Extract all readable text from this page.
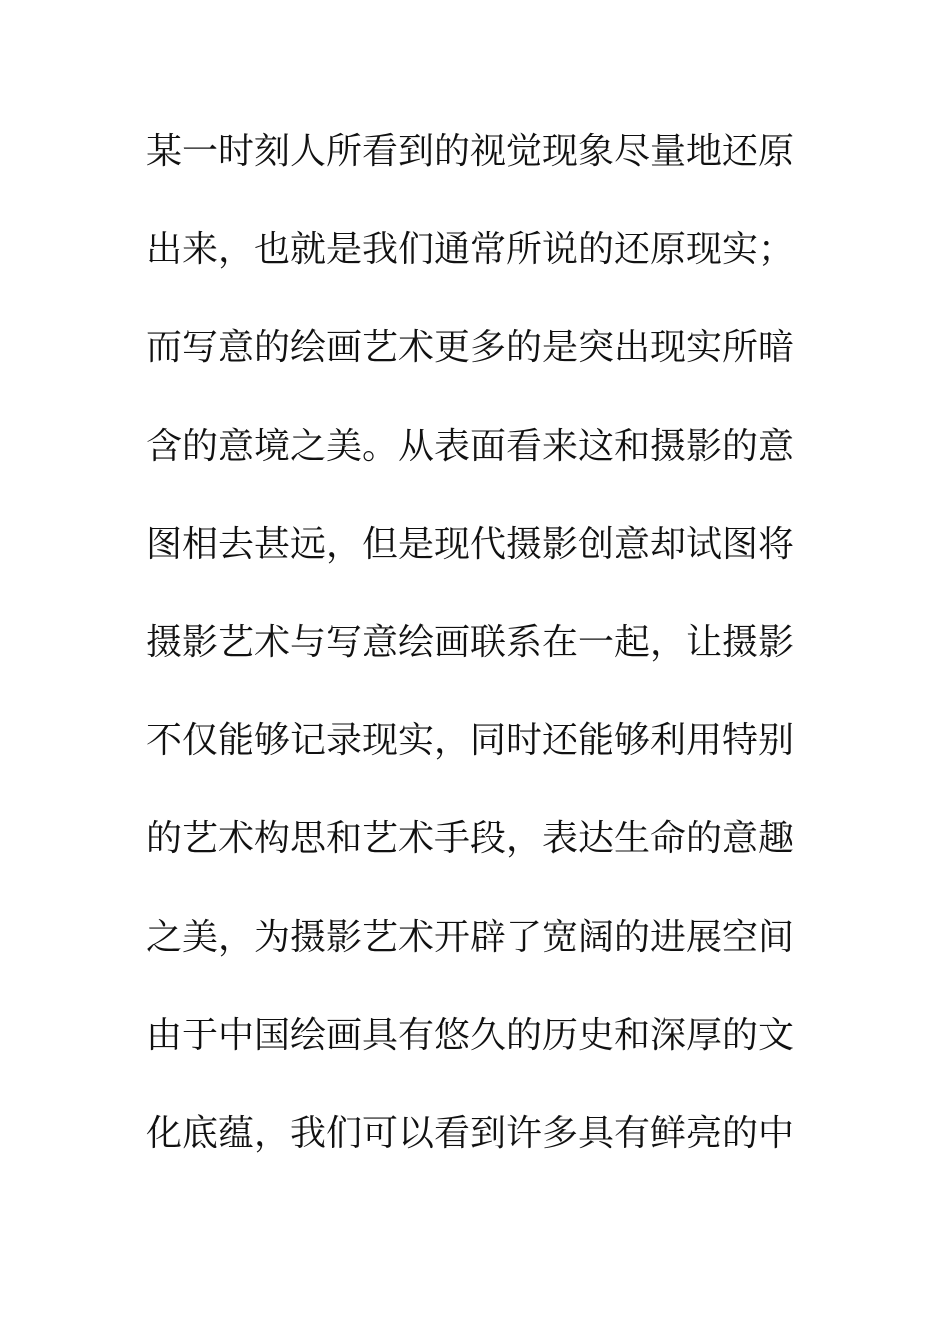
某一时刻人所看到的视觉现象尽量地还原
出来，也就是我们通常所说的还原现实；
而写意的绘画艺术更多的是突出现实所暗
含的意境之美。从表面看来这和摄影的意
图相去甚远，但是现代摄影创意却试图将
摄影艺术与写意绘画联系在一起，让摄影
不仅能够记录现实，同时还能够利用特别
的艺术构思和艺术手段，表达生命的意趣
之美，为摄影艺术开辟了宽阔的进展空间
由于中国绘画具有悠久的历史和深厚的文
化底蕴，我们可以看到许多具有鲜亮的中
